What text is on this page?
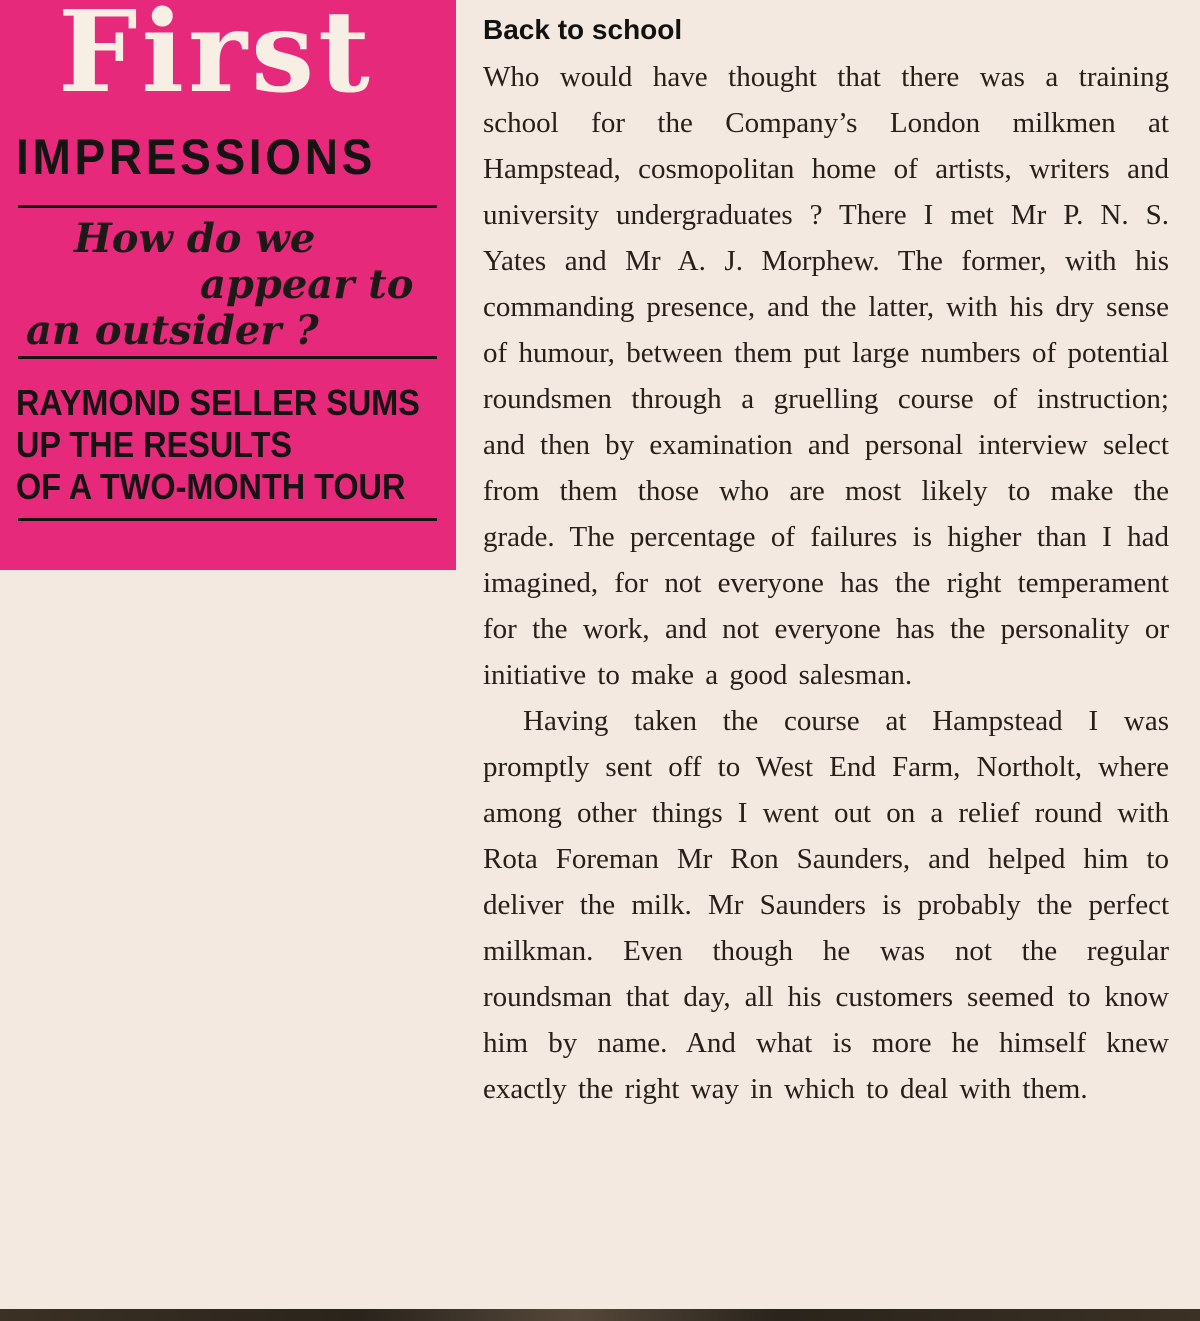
First
IMPRESSIONS
How do we
appear to
an outsider ?
RAYMOND SELLER SUMS
UP THE RESULTS
OF A TWO-MONTH TOUR
Back to school

Who would have thought that there was a training school for the Company’s London milkmen at Hampstead, cosmopolitan home of artists, writers and university undergraduates ? There I met Mr P. N. S. Yates and Mr A. J. Morphew. The former, with his commanding presence, and the latter, with his dry sense of humour, between them put large numbers of potential roundsmen through a gruelling course of instruction; and then by examination and personal interview select from them those who are most likely to make the grade. The percentage of failures is higher than I had imagined, for not everyone has the right temperament for the work, and not everyone has the personality or initiative to make a good salesman.

Having taken the course at Hampstead I was promptly sent off to West End Farm, Northolt, where among other things I went out on a relief round with Rota Foreman Mr Ron Saunders, and helped him to deliver the milk. Mr Saunders is probably the perfect milkman. Even though he was not the regular roundsman that day, all his customers seemed to know him by name. And what is more he himself knew exactly the right way in which to deal with them.
